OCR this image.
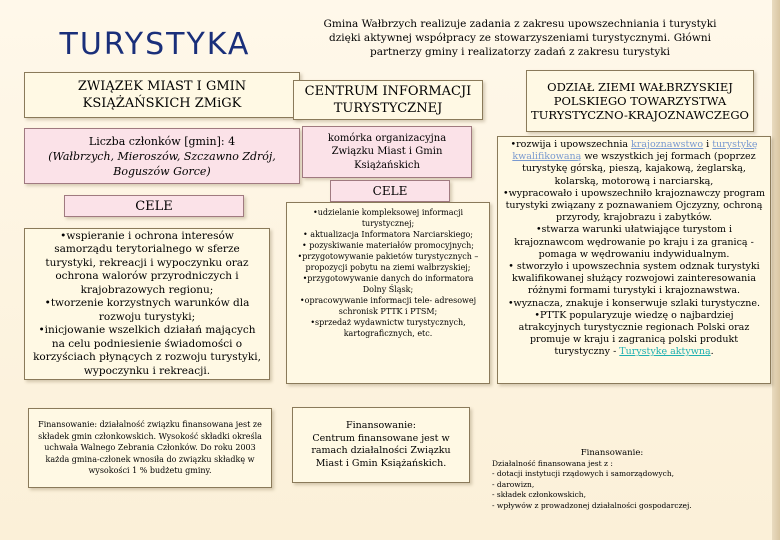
TURYSTYKA
Gmina Wałbrzych realizuje zadania z zakresu upowszechniania i turystyki dzięki aktywnej współpracy ze stowarzyszeniami turystycznymi. Główni partnerzy gminy i realizatorzy zadań z zakresu turystyki
ZWIĄZEK MIAST I GMIN KSIĄŻAŃSKICH ZMiGK
Liczba członków [gmin]: 4
(Wałbrzych, Mieroszów, Szczawno Zdrój, Boguszów Gorce)
CELE
•wspieranie i ochrona interesów samorządu terytorialnego w sferze turystyki, rekreacji i wypoczynku oraz ochrona walorów przyrodniczych i krajobrazowych regionu;
•tworzenie korzystnych warunków dla rozwoju turystyki;
•inicjowanie wszelkich działań mających na celu podniesienie świadomości o korzyściach płynących z rozwoju turystyki, wypoczynku i rekreacji.
Finansowanie: działalność związku finansowana jest ze składek gmin członkowskich. Wysokość składki określa uchwała Walnego Zebrania Członków. Do roku 2003 każda gmina-członek wnosiła do związku składkę w wysokości 1 % budżetu gminy.
CENTRUM INFORMACJI TURYSTYCZNEJ
komórka organizacyjna Związku Miast i Gmin Książańskich
CELE
•udzielanie kompleksowej informacji turystycznej;
• aktualizacja Informatora Narciarskiego;
• pozyskiwanie materiałów promocyjnych;
•przygotowywanie pakietów turystycznych – propozycji pobytu na ziemi wałbrzyskiej;
•przygotowywanie danych do informatora Dolny Śląsk;
•opracowywanie informacji tele- adresowej schronisk PTTK i PTSM;
•sprzedaż wydawnictw turystycznych, kartograficznych, etc.
Finansowanie:
Centrum finansowane jest w ramach działalności Związku Miast i Gmin Książańskich.
ODZIAŁ ZIEMI WAŁBRZYSKIEJ POLSKIEGO TOWARZYSTWA TURYSTYCZNO-KRAJOZNAWCZEGO
•rozwija i upowszechnia krajoznawstwo i turystykę kwalifikowaną we wszystkich jej formach (poprzez turystykę górską, pieszą, kajakową, żeglarską, kolarską, motorową i narciarską,
•wypracowało i upowszechniło krajoznawczy program turystyki związany z poznawaniem Ojczyzny, ochroną przyrody, krajobrazu i zabytków.
•stwarza warunki ułatwiające turystom i krajoznawcom wędrowanie po kraju i za granicą - pomaga w wędrowaniu indywidualnym.
• stworzyło i upowszechnia system odznak turystyki kwalifikowanej służący rozwojowi zainteresowania różnymi formami turystyki i krajoznawstwa.
•wyznacza, znakuje i konserwuje szlaki turystyczne.
•PTTK popularyzuje wiedzę o najbardziej atrakcyjnych turystycznie regionach Polski oraz promuje w kraju i zagranicą polski produkt turystyczny - Turystykę aktywną.
Finansowanie:
Działalność finansowana jest z :
- dotacji instytucji rządowych i samorządowych,
- darowizn,
- składek członkowskich,
- wpływów z prowadzonej działalności gospodarczej.
